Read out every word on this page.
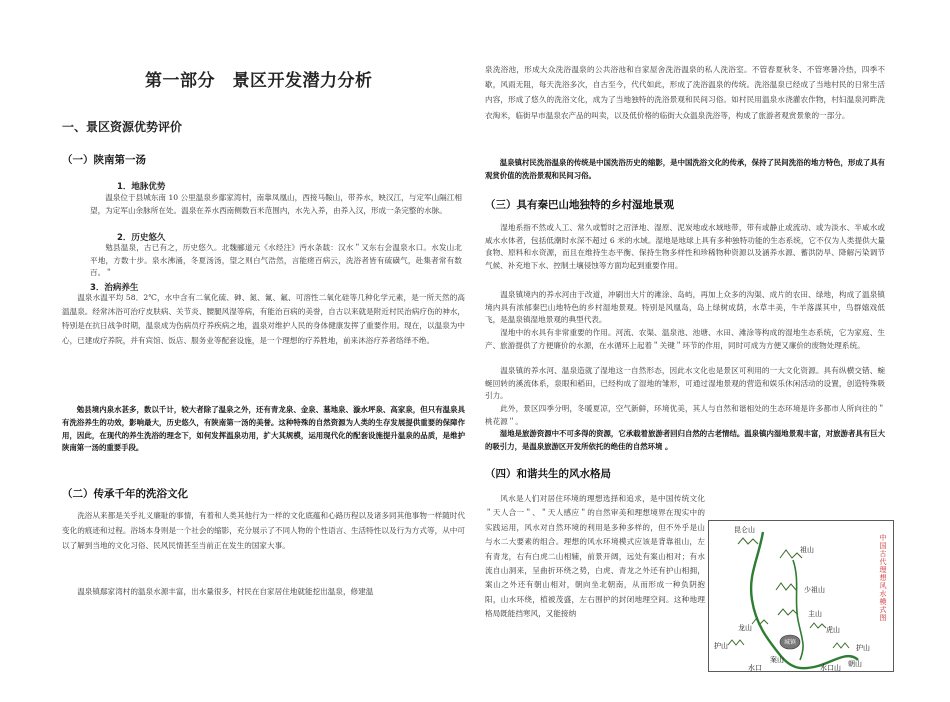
第一部分　景区开发潜力分析
一、景区资源优势评价
（一）陕南第一汤
1．地脉优势

温泉位于县城东南 10 公里温泉乡鄢家湾村，南靠凤凰山，西接马鞍山，带养水，映汉江，与定军山隔江相望，为定军山余脉所在处。温泉在养水西南侧数百米范围内，水先入养，由养入汉，形成一条完整的水脉。

2．历史悠久

勉县温泉，古已有之，历史悠久。北魏郦道元《水经注》沔水条载：汉水＂又东右会温泉水口。水发山北平地，方数十步。泉水沸涌，冬夏汤汤，望之则白气浩然，言能瘥百病云，洗浴者皆有硫磺气，赴集者常有数百。＂

3．治病养生

温泉水温平均 58．2℃，水中含有二氧化硫、砷、氮、氰、氟、可溶性二氧化硅等几种化学元素，是一所天然的高温温泉。经常沐浴可治疗皮肤病、关节炎、腰腿风湿等病，有能治百病的美誉，自古以来就是附近村民治病疗伤的神水，特别是在抗日战争时期，温泉成为伤病员疗养疾病之地，温泉对维护人民的身体健康发挥了重要作用。现在，以温泉为中心，已建成疗养院，并有宾馆、饭店、服务业等配套设施，是一个理想的疗养胜地，前来沐浴疗养者络绎不绝。

勉县境内泉水甚多，数以千计，较大者除了温泉之外，还有青龙泉、金泉、墓地泉、漩水坪泉、高家泉，但只有温泉具有洗浴养生的功效，影响最大，历史悠久，有陕南第一汤的美誉。这种特殊的自然资源为人类的生存发展提供重要的保障作用，因此，在现代的养生洗浴的理念下，如何发挥温泉功用，扩大其规模，运用现代化的配套设施提升温泉的品质，是维护陕南第一汤的重要手段。

（二）传承千年的洗浴文化

洗浴从来都是关乎礼义廉耻的事情，有着和人类其他行为一样的文化底蕴和心路历程以及诸多同其他事物一样随时代变化的痕迹和过程。浴场本身则是一个社会的缩影，充分展示了不同人物的个性语言、生活特性以及行为方式等，从中可以了解到当地的文化习俗、民风民情甚至当前正在发生的国家大事。

温泉镇鄢家湾村的温泉水源丰富，出水量很多，村民在自家居住地就能挖出温泉，修建温

泉洗浴池，形成大众洗浴温泉的公共浴池和自家屋舍洗浴温泉的私人洗浴室。不管春夏秋冬、不管寒暑冷热，四季不歇，风雨无阻，每天洗浴多次，自古至今，代代如此，形成了洗浴温泉的传统。洗浴温泉已经成了当地村民的日常生活内容，形成了悠久的洗浴文化，成为了当地独特的洗浴景观和民间习俗。如村民用温泉水浇灌农作物，村妇温泉河畔洗衣淘米，临街早市温泉农产品的叫卖，以及低价格的临街大众温泉洗浴等，构成了旅游者观赏景象的一部分。

温泉镇村民洗浴温泉的传统是中国洗浴历史的缩影，是中国洗浴文化的传承，保持了民间洗浴的地方特色，形成了具有观赏价值的洗浴景观和民间习俗。

（三）具有秦巴山地独特的乡村湿地景观

湿地系指不然或人工、常久或暂时之沼泽地、湿原、泥炭地或水域地带，带有或静止或流动、或为淡水、半咸水或咸水水体者，包括低潮时水深不超过 6 米的水域。湿地是地球上具有多种独特功能的生态系统，它不仅为人类提供大量食物、原料和水资源，而且在维持生态平衡、保持生物多样性和珍稀物种资源以及涵养水源、蓄洪防旱、降解污染调节气候、补充地下水、控制土壤侵蚀等方面均起到重要作用。

温泉镇境内的养水河由于改道，冲刷出大片的滩涂、岛屿，再加上众多的沟渠、成片的农田、绿地，构成了温泉镇境内具有浓郁秦巴山地特色的乡村湿地景观。特别是风凰岛，岛上绿树成荫，水草丰美，牛羊落謀其中，鸟群嬉戏低飞，是温泉镇湿地景观的典型代表。

湿地中的水具有非常重要的作用。河流、农渠、温泉池、池塘、水田、滩涂等构成的湿地生态系统，它为家庭、生产、旅游提供了方便廉价的水源，在水循环上起着＂关键＂环节的作用，同时可成为方便又廉价的废物处理系统。

温泉镇的养水河、温泉造就了湿地这一自然形态，因此水文化也是景区可利用的一大文化资源。具有纵横交错、蜿蜒回转的溪流体系，泉眼和稻田，已经构成了湿地的雏形，可通过湿地景观的营造和娱乐休闲活动的设置，创造特殊吸引力。

此外，景区四季分明，冬暖夏凉，空气新鲜，环境优美，其人与自然和谐相处的生态环境是许多都市人所向往的＂桃花源＂。

湿地是旅游资源中不可多得的资源，它承载着旅游者回归自然的古老情结。温泉镇内湿地景观丰富，对旅游者具有巨大的吸引力，是温泉旅游区开发所依托的绝佳的自然环境 。

（四）和谐共生的风水格局

风水是人们对居住环境的理想选择和追求，是中国传统文化＂天人合一＂、＂天人感应＂的自然审美和理想境界在现实中的实践运用，风水对自然环境的利用是多种多样的，但不外乎是山与水二大要素的组合。理想的风水环境模式应该是背靠祖山，左有青龙，右有白虎二山相辅，前景开阔，远处有案山相对；有水流自山洞来，呈曲折环绕之势，白虎、青龙之外还有护山相拥，案山之外还有朝山相对，朝向坐北朝南，从而形成一种负阴抱阳，山水环绕，植被茂盛，左右围护的封闭地理空间。这种地理格局既能挡寒风，又能接纳

昆仑山
祖山
少祖山
主山
龙山	虎山
护山	护山
案山	朝山
城镇
水口山
水口
中国古代理想风水模式图
